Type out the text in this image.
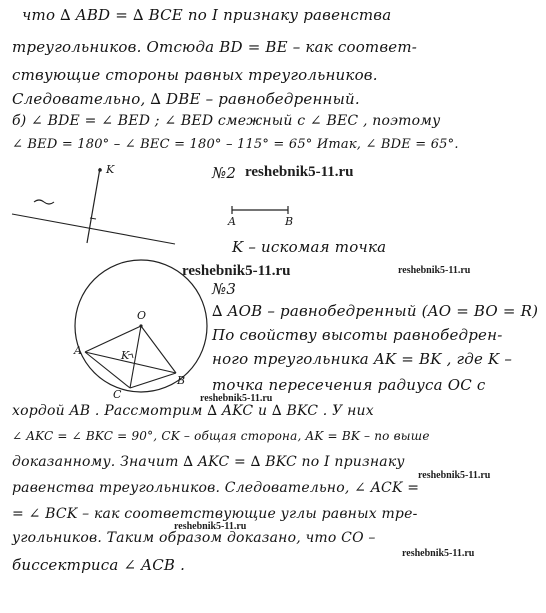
что ∆ ABD = ∆ BCE по I признаку равенства
треугольников. Отсюда BD = BE – как соответ-
ствующие стороны равных треугольников.
Следовательно, ∆ DBE – равнобедренный.
б) ∠ BDE = ∠ BED ; ∠ BED смежный с ∠ BEC , поэтому
∠ BED = 180° – ∠ BEC = 180° – 115° = 65° Итак, ∠ BDE = 65°.
№2 reshebnik5-11.ru
K
A	B
K – искомая точка
reshebnik5-11.ru	reshebnik5-11.ru
№3
O
A	K
C
B
∆ AOB – равнобедренный (AO = BO = R)
По свойству высоты равнобедрен-
ного треугольника AK = BK , где K –
точка пересечения радиуса OC с
reshebnik5-11.ru
хордой AB . Рассмотрим ∆ AKC и ∆ BKC . У них
∠ AKC = ∠ BKC = 90°, CK – общая сторона, AK = BK – по выше
доказанному. Значит ∆ AKC = ∆ BKC по I признаку
reshebnik5-11.ru
равенства треугольников. Следовательно, ∠ ACK =
= ∠ BCK – как соответствующие углы равных тре-
reshebnik5-11.ru
угольников. Таким образом доказано, что CO –
reshebnik5-11.ru
биссектриса ∠ ACB .
